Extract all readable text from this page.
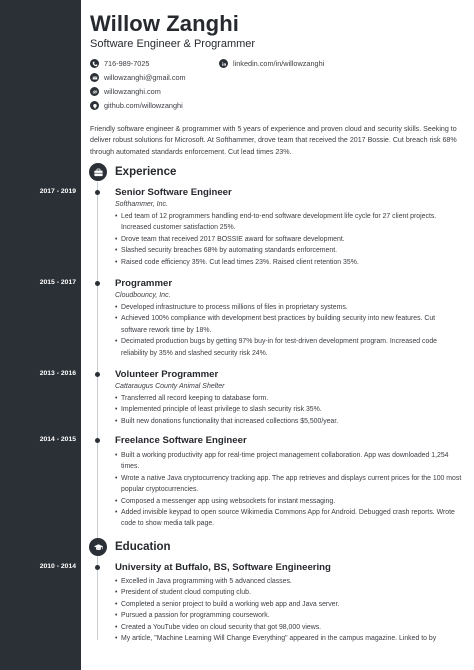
Willow Zanghi
Software Engineer & Programmer
716-989-7025
willowzanghi@gmail.com
willowzanghi.com
github.com/willowzanghi
linkedin.com/in/willowzanghi

Friendly software engineer & programmer with 5 years of experience and proven cloud and security skills. Seeking to deliver robust solutions for Microsoft. At Softhammer, drove team that received the 2017 Bossie. Cut breach risk 68% through automated standards enforcement. Cut lead times 23%.

Experience
2017 - 2019	Senior Software Engineer
Softhammer, Inc.
• Led team of 12 programmers handling end-to-end software development life cycle for 27 client projects. Increased customer satisfaction 25%.
• Drove team that received 2017 BOSSIE award for software development.
• Slashed security breaches 68% by automating standards enforcement.
• Raised code efficiency 35%. Cut lead times 23%. Raised client retention 35%.
2015 - 2017	Programmer
Cloudbouncy, Inc.
• Developed infrastructure to process millions of files in proprietary systems.
• Achieved 100% compliance with development best practices by building security into new features. Cut software rework time by 18%.
• Decimated production bugs by getting 97% buy-in for test-driven development program. Increased code reliability by 35% and slashed security risk 24%.
2013 - 2016	Volunteer Programmer
Cattaraugus County Animal Shelter
• Transferred all record keeping to database form.
• Implemented principle of least privilege to slash security risk 35%.
• Built new donations functionality that increased collections $5,500/year.
2014 - 2015	Freelance Software Engineer
• Built a working productivity app for real-time project management collaboration. App was downloaded 1,254 times.
• Wrote a native Java cryptocurrency tracking app. The app retrieves and displays current prices for the 100 most popular cryptocurrencies.
• Composed a messenger app using websockets for instant messaging.
• Added invisible keypad to open source Wikimedia Commons App for Android. Debugged crash reports. Wrote code to show media talk page.
Education
2010 - 2014	University at Buffalo, BS, Software Engineering
• Excelled in Java programming with 5 advanced classes.
• President of student cloud computing club.
• Completed a senior project to build a working web app and Java server.
• Pursued a passion for programming coursework.
• Created a YouTube video on cloud security that got 98,000 views.
• My article, "Machine Learning Will Change Everything" appeared in the campus magazine. Linked to by
